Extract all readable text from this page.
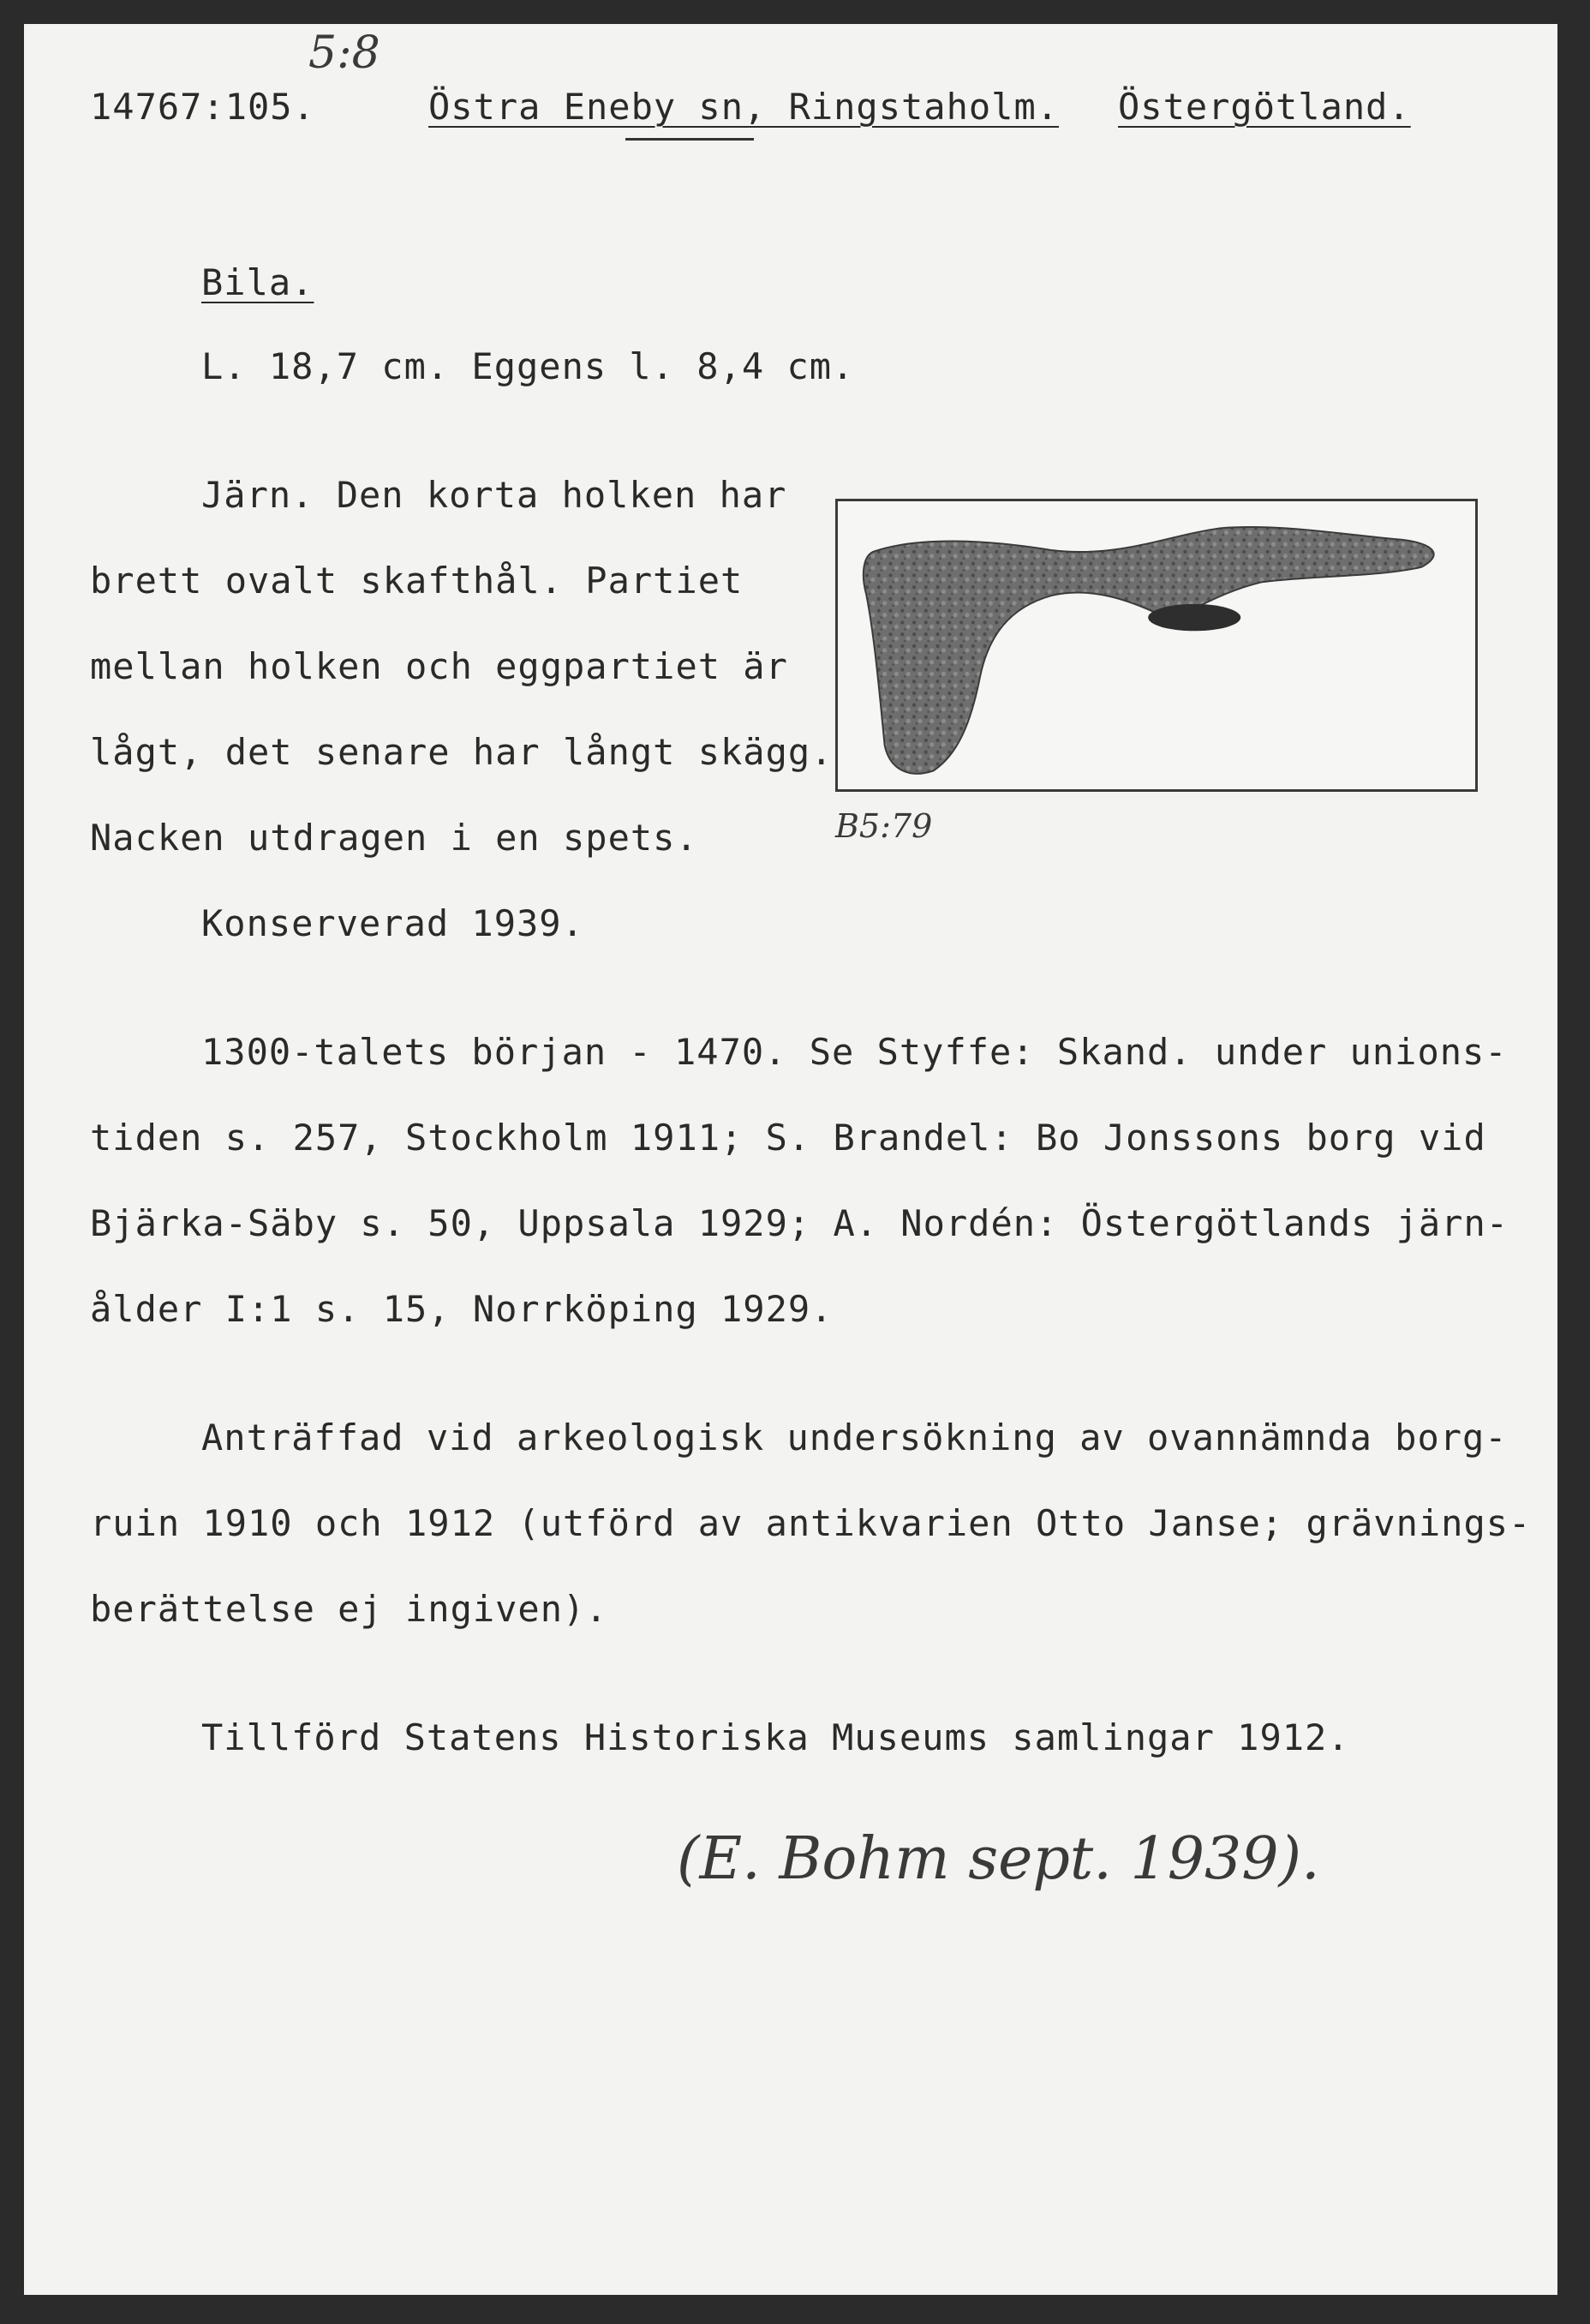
5:8
14767:105.	Östra Eneby sn, Ringstaholm. Östergötland.
Bila.
L. 18,7 cm. Eggens l. 8,4 cm.
Järn. Den korta holken har
brett ovalt skafthål. Partiet
mellan holken och eggpartiet är
lågt, det senare har långt skägg.
Nacken utdragen i en spets.	B5:79
Konserverad 1939.
1300-talets början - 1470. Se Styffe: Skand. under unions-
tiden s. 257, Stockholm 1911; S. Brandel: Bo Jonssons borg vid
Bjärka-Säby s. 50, Uppsala 1929; A. Nordén: Östergötlands järn-
ålder I:1 s. 15, Norrköping 1929.
Anträffad vid arkeologisk undersökning av ovannämnda borg-
ruin 1910 och 1912 (utförd av antikvarien Otto Janse; grävnings-
berättelse ej ingiven).
Tillförd Statens Historiska Museums samlingar 1912.
(E. Bohm sept. 1939).
